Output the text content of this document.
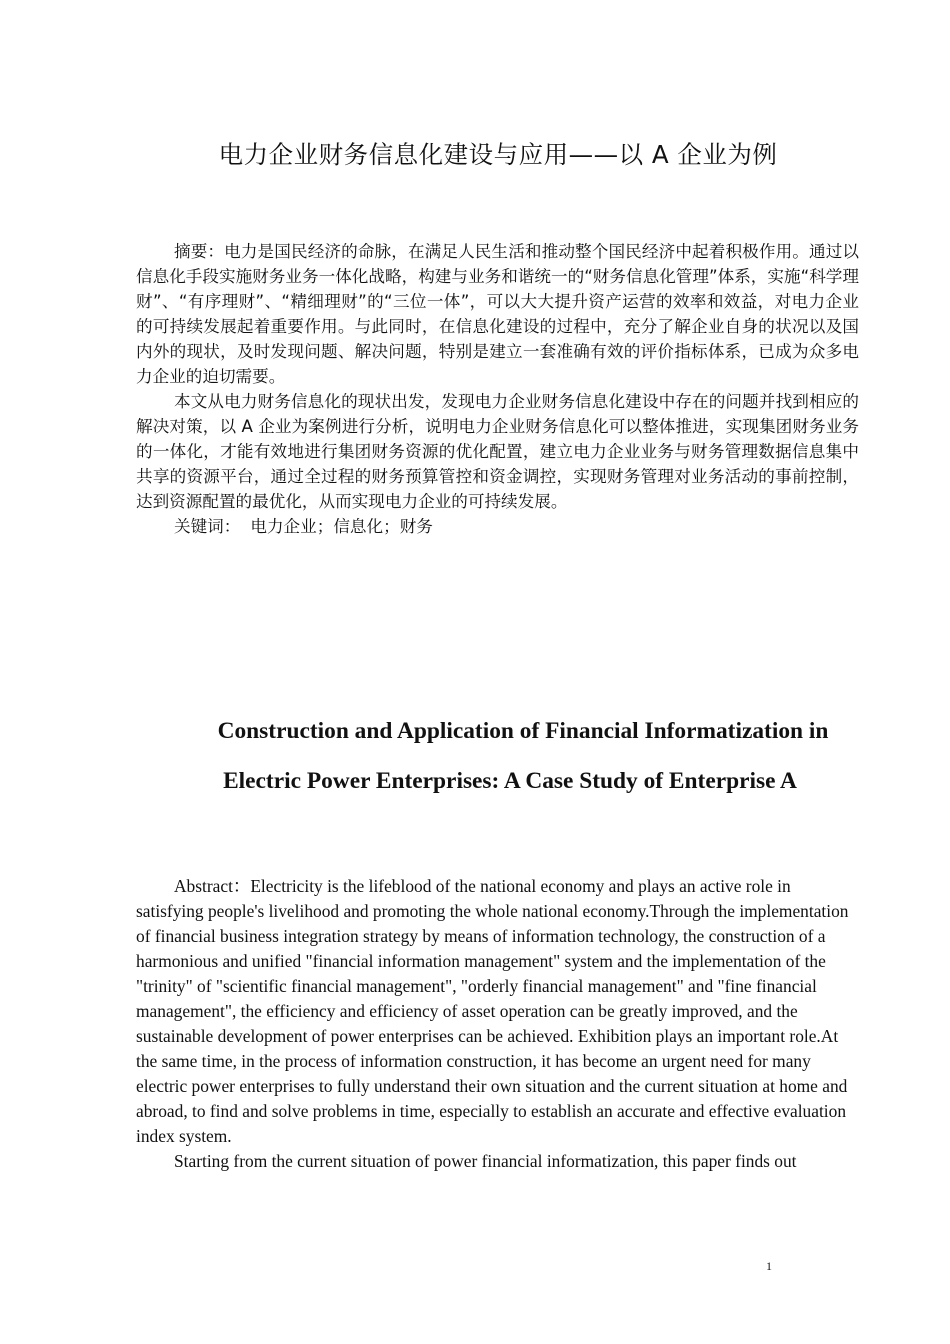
电力企业财务信息化建设与应用——以 A 企业为例

摘要：电力是国民经济的命脉，在满足人民生活和推动整个国民经济中起着积极作用。通过以信息化手段实施财务业务一体化战略，构建与业务和谐统一的“财务信息化管理”体系，实施“科学理财”、“有序理财”、“精细理财”的“三位一体”，可以大大提升资产运营的效率和效益，对电力企业的可持续发展起着重要作用。与此同时，在信息化建设的过程中，充分了解企业自身的状况以及国内外的现状，及时发现问题、解决问题，特别是建立一套准确有效的评价指标体系，已成为众多电力企业的迫切需要。

本文从电力财务信息化的现状出发，发现电力企业财务信息化建设中存在的问题并找到相应的解决对策，以 A 企业为案例进行分析，说明电力企业财务信息化可以整体推进，实现集团财务业务的一体化，才能有效地进行集团财务资源的优化配置，建立电力企业业务与财务管理数据信息集中共享的资源平台，通过全过程的财务预算管控和资金调控，实现财务管理对业务活动的事前控制，达到资源配置的最优化，从而实现电力企业的可持续发展。

关键词： 电力企业；信息化；财务
Construction and Application of Financial Informatization in
Electric Power Enterprises: A Case Study of Enterprise A

Abstract：Electricity is the lifeblood of the national economy and plays an active role in satisfying people's livelihood and promoting the whole national economy.Through the implementation of financial business integration strategy by means of information technology, the construction of a harmonious and unified "financial information management" system and the implementation of the "trinity" of "scientific financial management", "orderly financial management" and "fine financial management", the efficiency and efficiency of asset operation can be greatly improved, and the sustainable development of power enterprises can be achieved. Exhibition plays an important role.At the same time, in the process of information construction, it has become an urgent need for many electric power enterprises to fully understand their own situation and the current situation at home and abroad, to find and solve problems in time, especially to establish an accurate and effective evaluation index system.

Starting from the current situation of power financial informatization, this paper finds out

1
